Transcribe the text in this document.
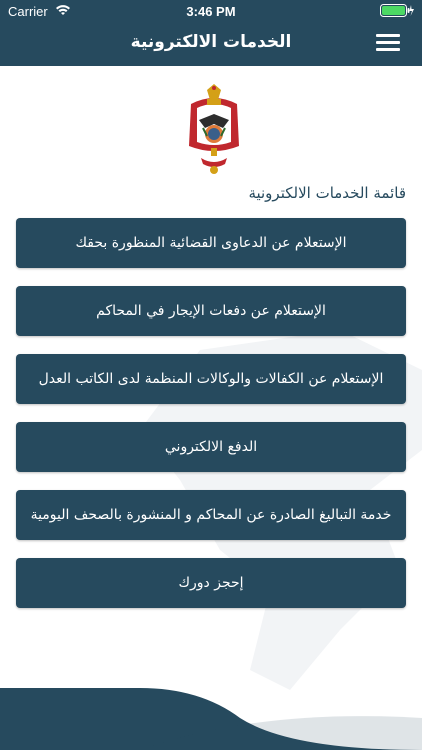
Carrier	3:46 PM
الخدمات الالكترونية
قائمة الخدمات الالكترونية
الإستعلام عن الدعاوى القضائية المنظورة بحقك
الإستعلام عن دفعات الإيجار في المحاكم
الإستعلام عن الكفالات والوكالات المنظمة لدى الكاتب العدل
الدفع الالكتروني
خدمة التباليغ الصادرة عن المحاكم و المنشورة بالصحف اليومية
إحجز دورك
